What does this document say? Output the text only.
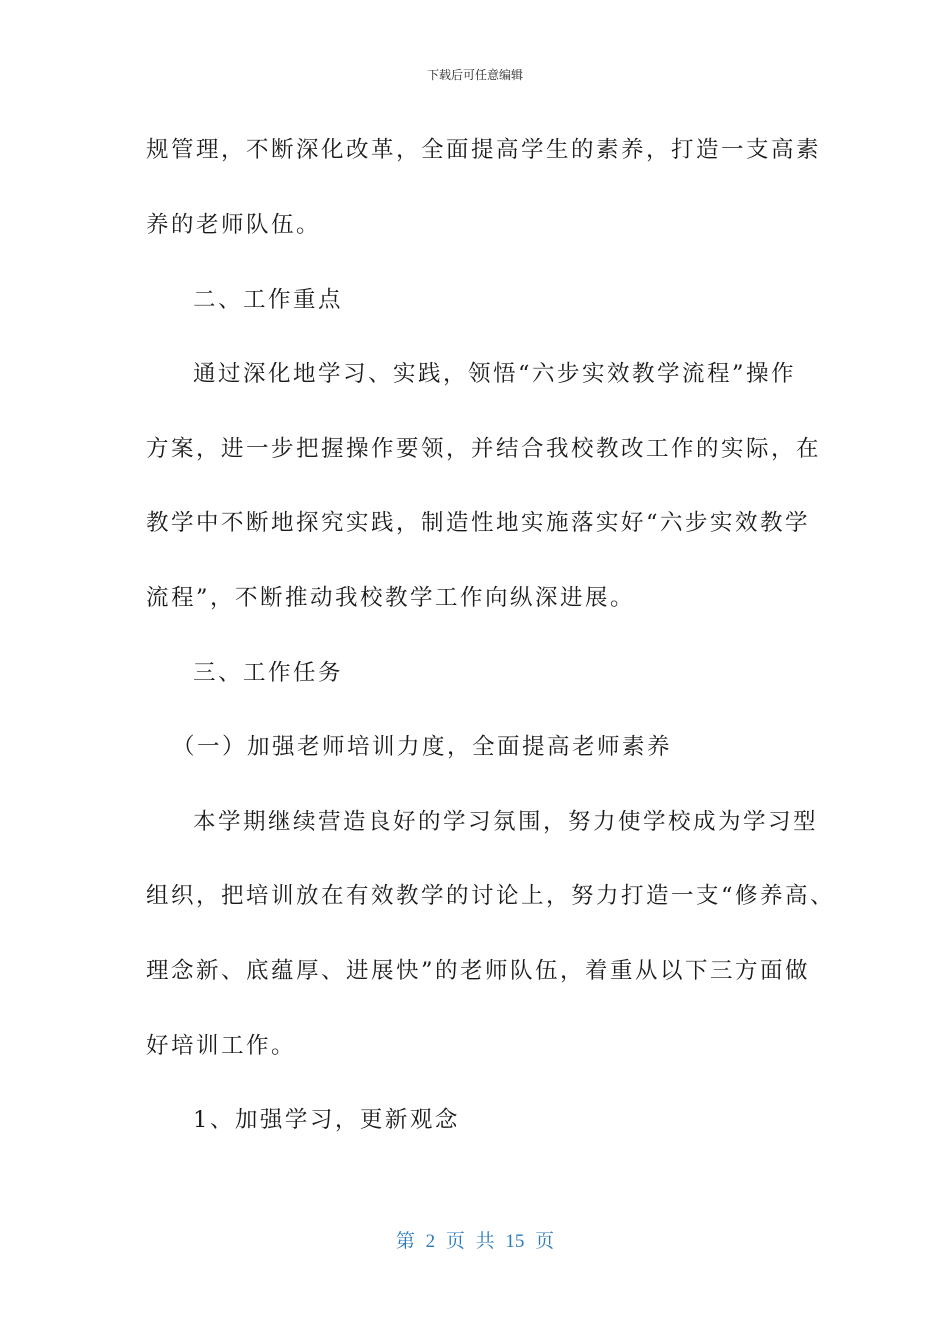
下载后可任意编辑
规管理，不断深化改革，全面提高学生的素养，打造一支高素
养的老师队伍。
二、工作重点
通过深化地学习、实践，领悟“六步实效教学流程”操作
方案，进一步把握操作要领，并结合我校教改工作的实际，在
教学中不断地探究实践，制造性地实施落实好“六步实效教学
流程”，不断推动我校教学工作向纵深进展。
三、工作任务
（一）加强老师培训力度，全面提高老师素养
本学期继续营造良好的学习氛围，努力使学校成为学习型
组织，把培训放在有效教学的讨论上，努力打造一支“修养高、
理念新、底蕴厚、进展快”的老师队伍，着重从以下三方面做
好培训工作。
1、加强学习，更新观念
第 2 页 共 15 页
